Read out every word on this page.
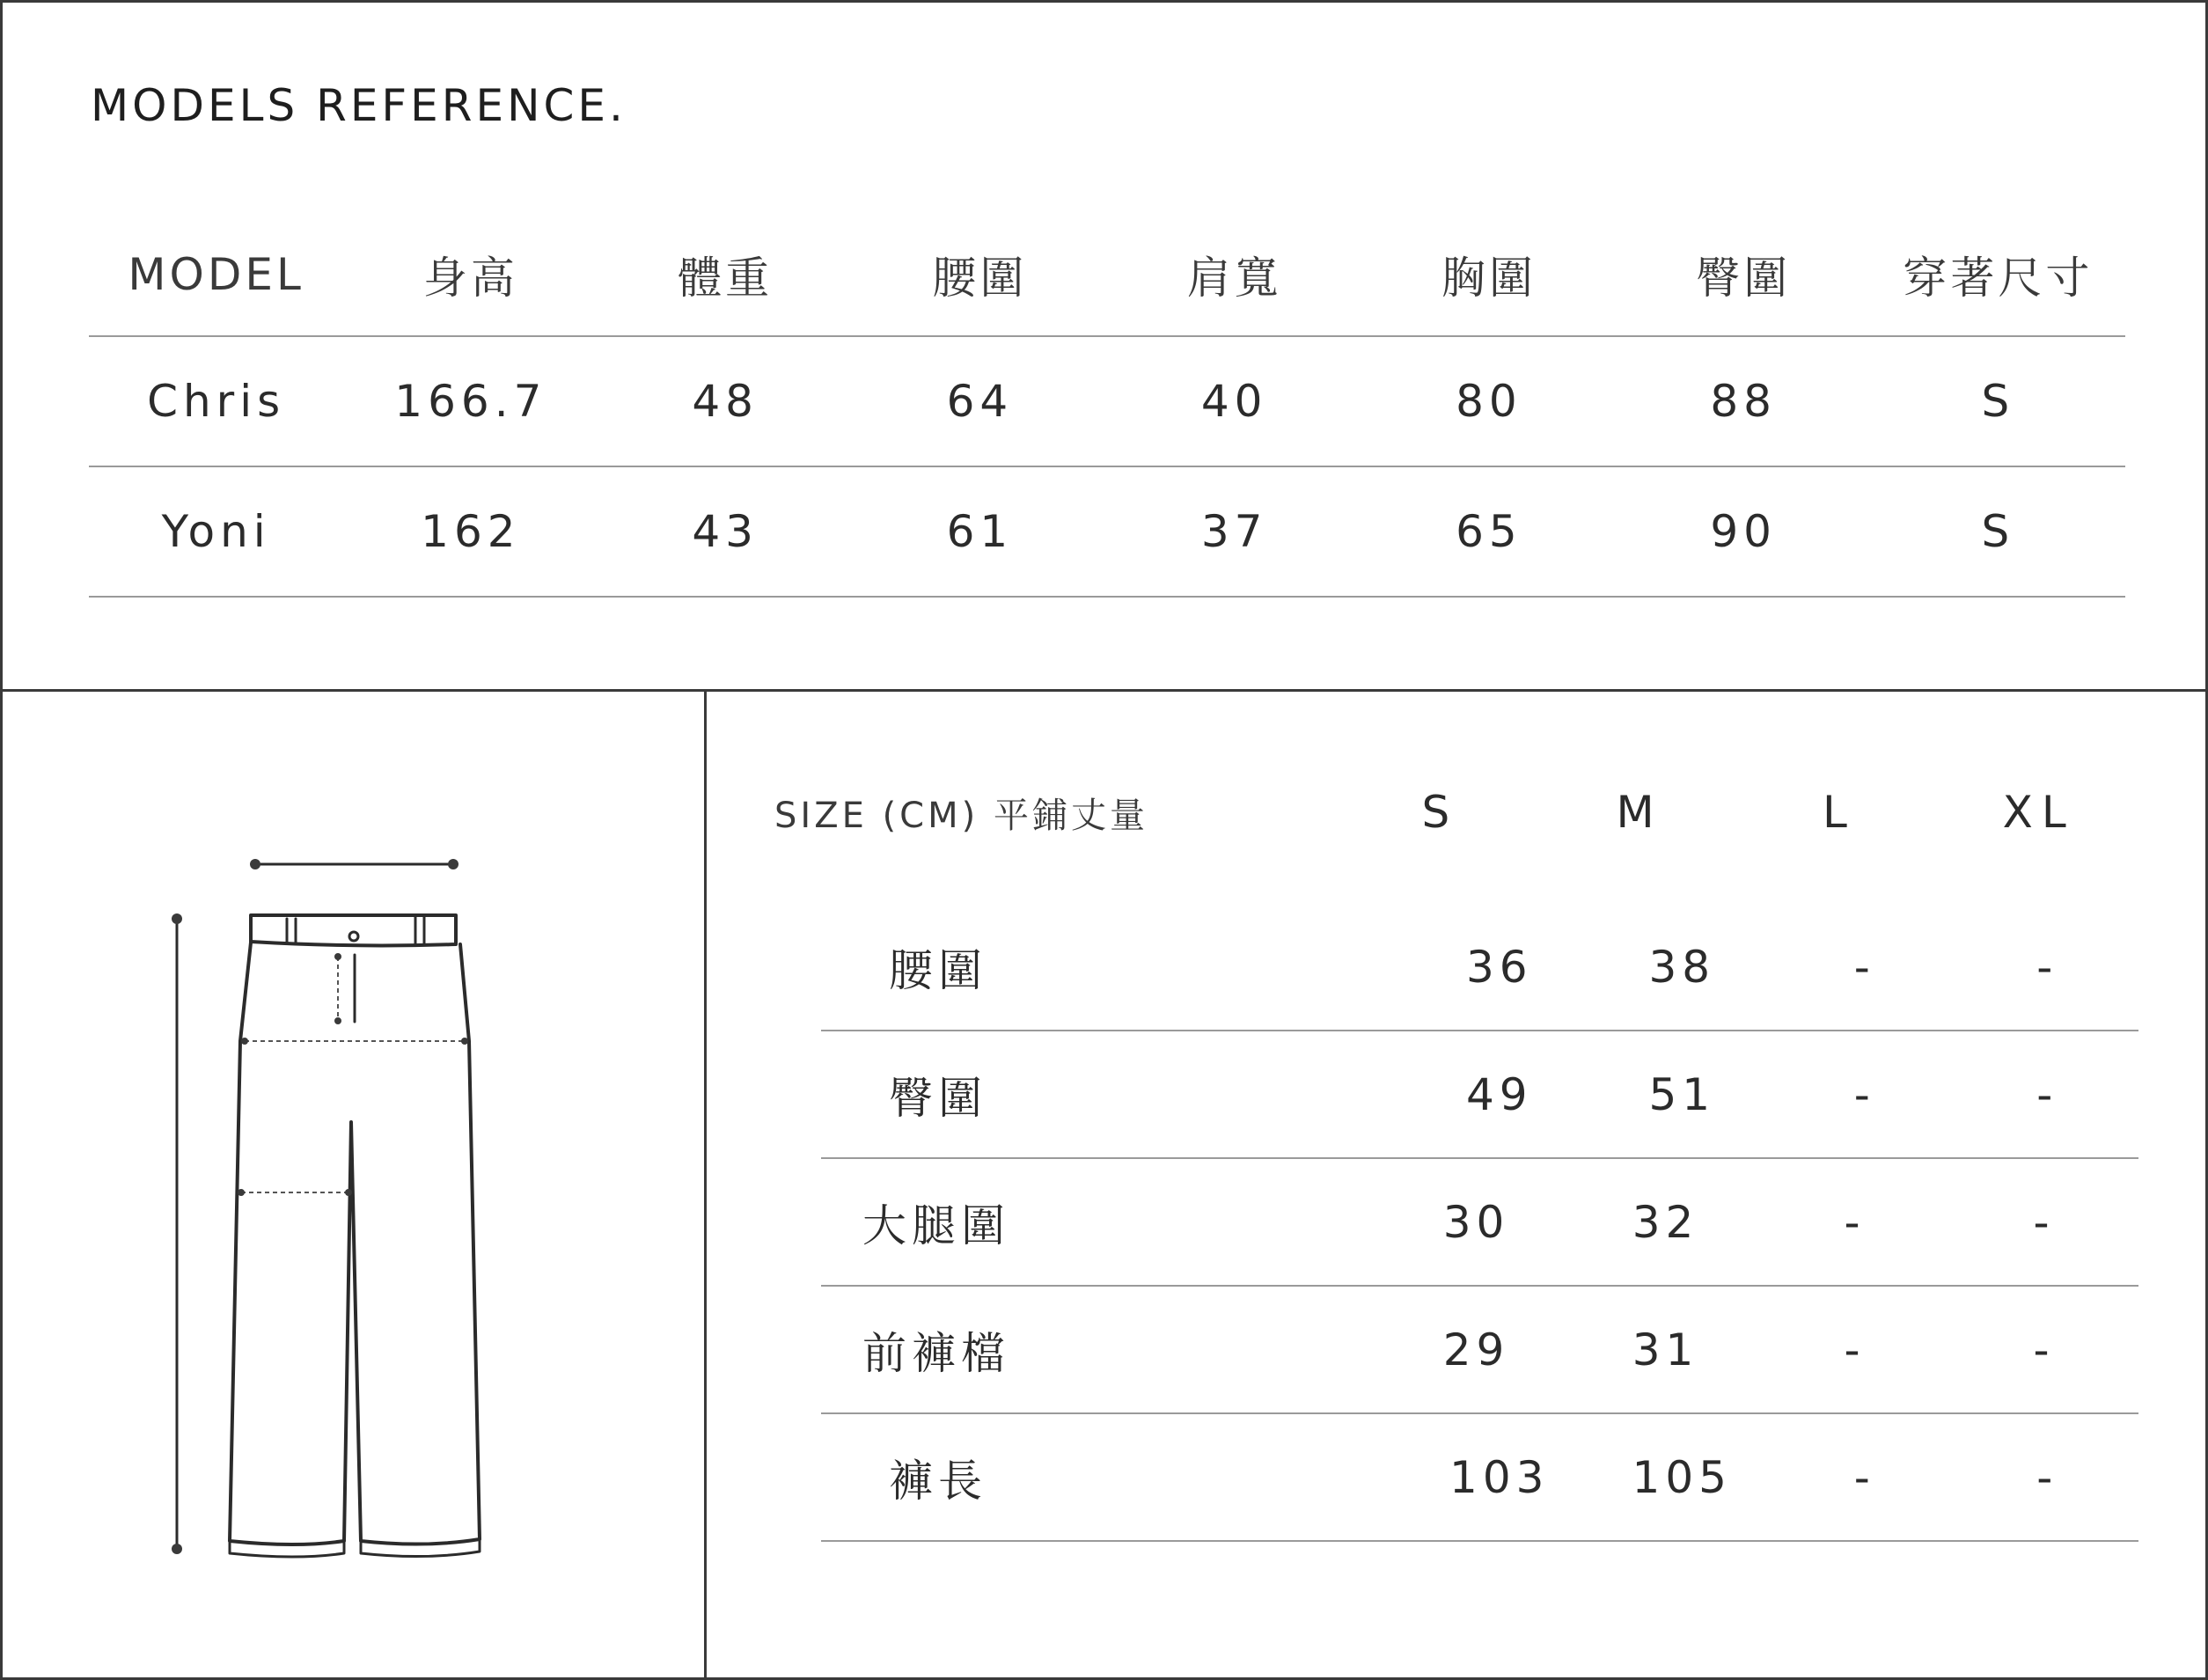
MODELS REFERENCE.
MODEL	身高	體重	腰圍	肩寬	胸圍	臀圍	穿著尺寸
Chris	166.7	48	64	40	80	88	S
Yoni	162	43	61	37	65	90	S
SIZE (CM) 平鋪丈量	S	M	L	XL
腰圍	36	38	-	-
臀圍	49	51	-	-
大腿圍	30	32	-	-
前褲檔	29	31	-	-
褲長	103	105	-	-
